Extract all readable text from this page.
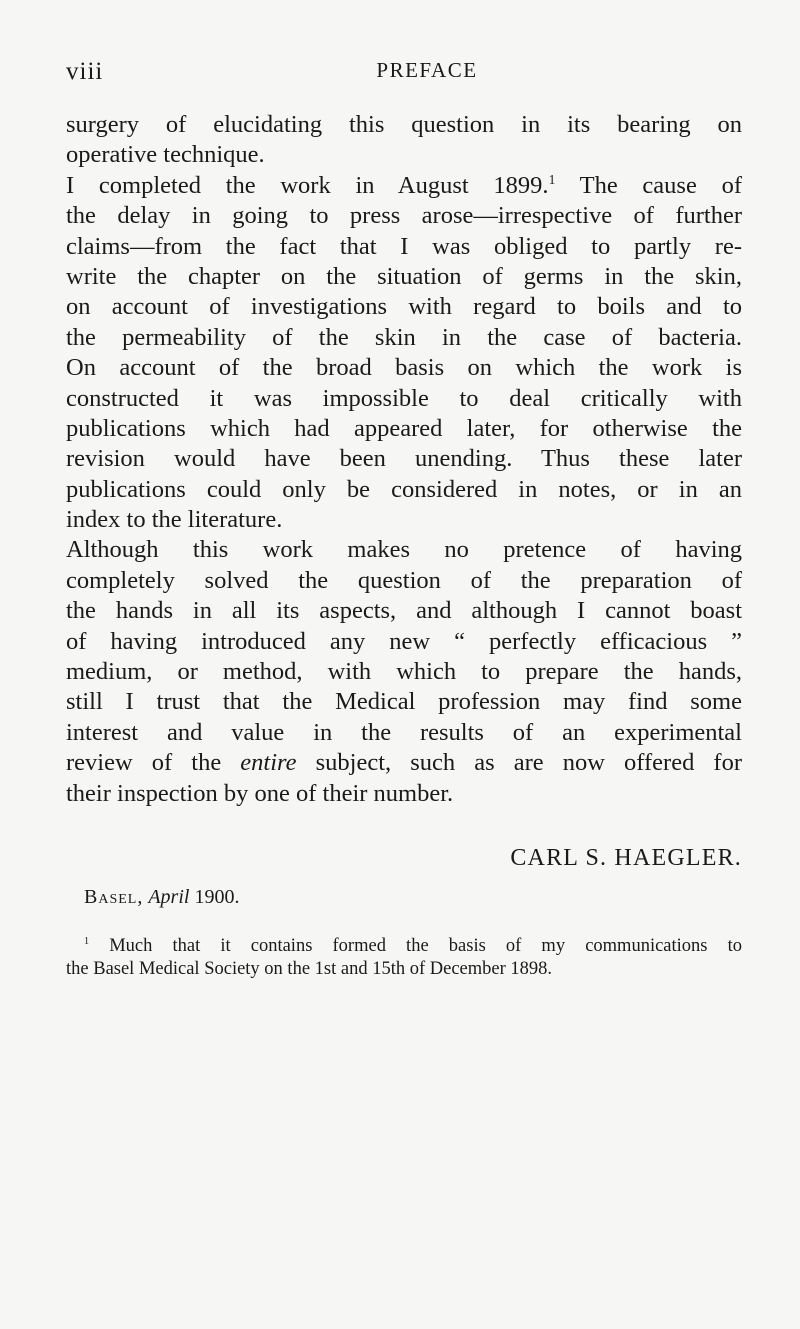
viii	PREFACE
surgery of elucidating this question in its bearing on
operative technique.
I completed the work in August 1899.$^1$ The cause of
the delay in going to press arose—irrespective of further
claims—from the fact that I was obliged to partly re-
write the chapter on the situation of germs in the skin,
on account of investigations with regard to boils and to
the permeability of the skin in the case of bacteria.
On account of the broad basis on which the work is
constructed it was impossible to deal critically with
publications which had appeared later, for otherwise the
revision would have been unending. Thus these later
publications could only be considered in notes, or in an
index to the literature.
Although this work makes no pretence of having
completely solved the question of the preparation of
the hands in all its aspects, and although I cannot boast
of having introduced any new “ perfectly efficacious ”
medium, or method, with which to prepare the hands,
still I trust that the Medical profession may find some
interest and value in the results of an experimental
review of the entire subject, such as are now offered for
their inspection by one of their number.
CARL S. HAEGLER.
Basel, April 1900.
$^1$ Much that it contains formed the basis of my communications to
the Basel Medical Society on the 1st and 15th of December 1898.
